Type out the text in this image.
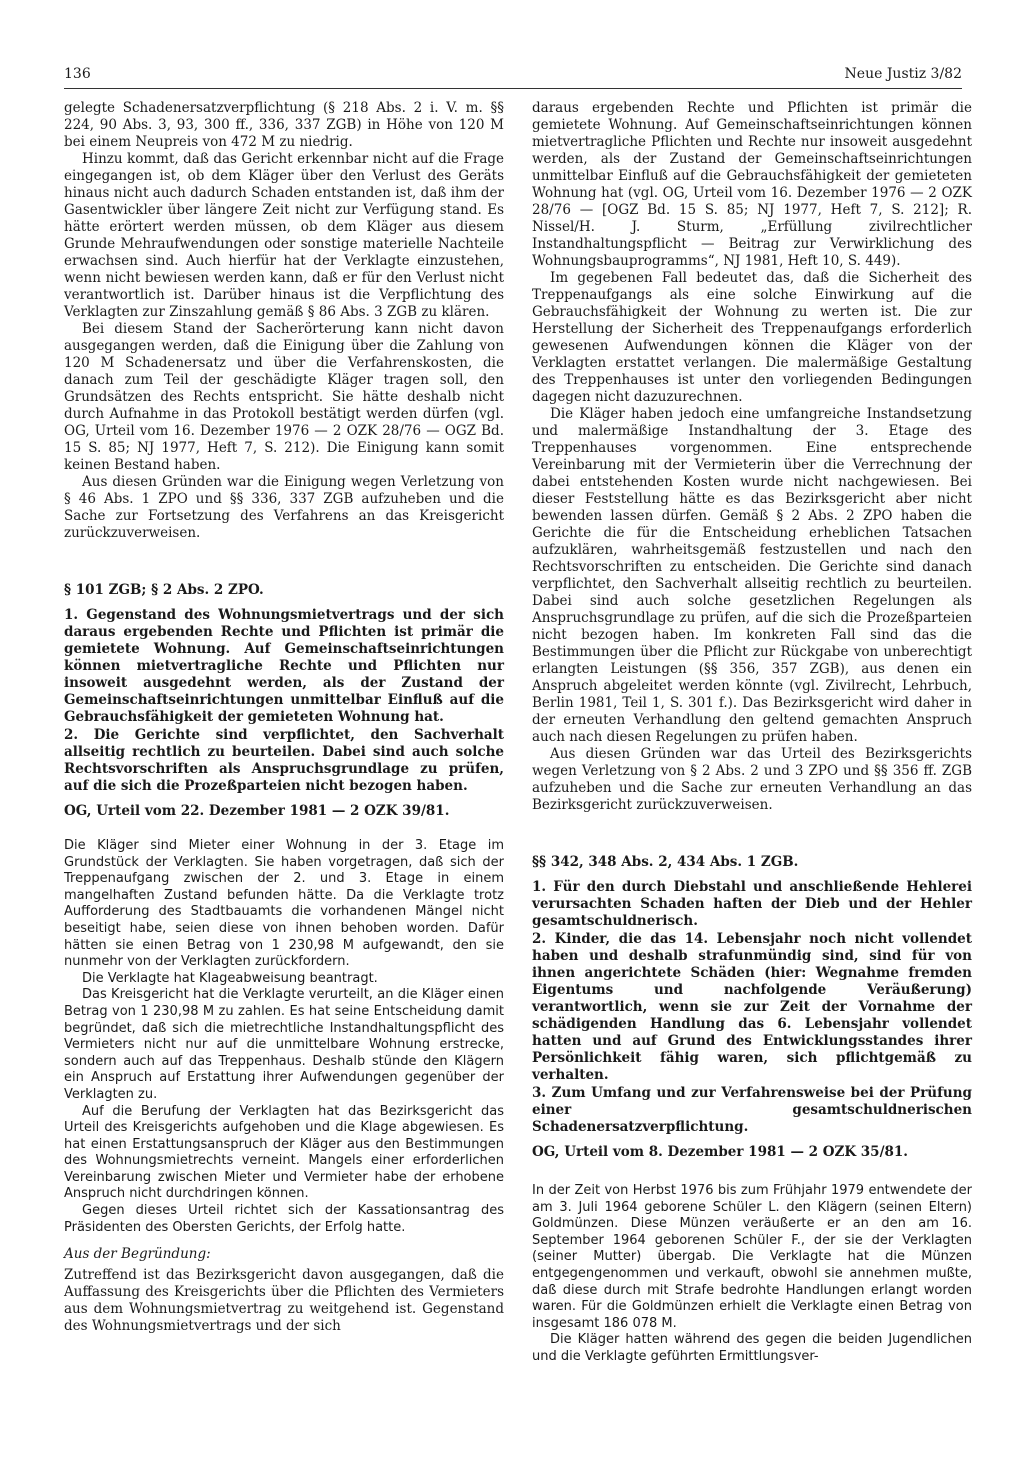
136	Neue Justiz 3/82

gelegte Schadenersatzverpflichtung (§ 218 Abs. 2 i. V. m. §§ 224, 90 Abs. 3, 93, 300 ff., 336, 337 ZGB) in Höhe von 120 M bei einem Neupreis von 472 M zu niedrig.

Hinzu kommt, daß das Gericht erkennbar nicht auf die Frage eingegangen ist, ob dem Kläger über den Verlust des Geräts hinaus nicht auch dadurch Schaden entstanden ist, daß ihm der Gasentwickler über längere Zeit nicht zur Verfügung stand. Es hätte erörtert werden müssen, ob dem Kläger aus diesem Grunde Mehraufwendungen oder sonstige materielle Nachteile erwachsen sind. Auch hierfür hat der Verklagte einzustehen, wenn nicht bewiesen werden kann, daß er für den Verlust nicht verantwortlich ist. Darüber hinaus ist die Verpflichtung des Verklagten zur Zinszahlung gemäß § 86 Abs. 3 ZGB zu klären.

Bei diesem Stand der Sacherörterung kann nicht davon ausgegangen werden, daß die Einigung über die Zahlung von 120 M Schadenersatz und über die Verfahrenskosten, die danach zum Teil der geschädigte Kläger tragen soll, den Grundsätzen des Rechts entspricht. Sie hätte deshalb nicht durch Aufnahme in das Protokoll bestätigt werden dürfen (vgl. OG, Urteil vom 16. Dezember 1976 — 2 OZK 28/76 — OGZ Bd. 15 S. 85; NJ 1977, Heft 7, S. 212). Die Einigung kann somit keinen Bestand haben.

Aus diesen Gründen war die Einigung wegen Verletzung von § 46 Abs. 1 ZPO und §§ 336, 337 ZGB aufzuheben und die Sache zur Fortsetzung des Verfahrens an das Kreisgericht zurückzuverweisen.

§ 101 ZGB; § 2 Abs. 2 ZPO.

1. Gegenstand des Wohnungsmietvertrags und der sich daraus ergebenden Rechte und Pflichten ist primär die gemietete Wohnung. Auf Gemeinschaftseinrichtungen können mietvertragliche Rechte und Pflichten nur insoweit ausgedehnt werden, als der Zustand der Gemeinschaftseinrichtungen unmittelbar Einfluß auf die Gebrauchsfähigkeit der gemieteten Wohnung hat.

2. Die Gerichte sind verpflichtet, den Sachverhalt allseitig rechtlich zu beurteilen. Dabei sind auch solche Rechtsvorschriften als Anspruchsgrundlage zu prüfen, auf die sich die Prozeßparteien nicht bezogen haben.

OG, Urteil vom 22. Dezember 1981 — 2 OZK 39/81.

Die Kläger sind Mieter einer Wohnung in der 3. Etage im Grundstück der Verklagten. Sie haben vorgetragen, daß sich der Treppenaufgang zwischen der 2. und 3. Etage in einem mangelhaften Zustand befunden hätte. Da die Verklagte trotz Aufforderung des Stadtbauamts die vorhandenen Mängel nicht beseitigt habe, seien diese von ihnen behoben worden. Dafür hätten sie einen Betrag von 1 230,98 M aufgewandt, den sie nunmehr von der Verklagten zurückfordern.

Die Verklagte hat Klageabweisung beantragt.

Das Kreisgericht hat die Verklagte verurteilt, an die Kläger einen Betrag von 1 230,98 M zu zahlen. Es hat seine Entscheidung damit begründet, daß sich die mietrechtliche Instandhaltungspflicht des Vermieters nicht nur auf die unmittelbare Wohnung erstrecke, sondern auch auf das Treppenhaus. Deshalb stünde den Klägern ein Anspruch auf Erstattung ihrer Aufwendungen gegenüber der Verklagten zu.

Auf die Berufung der Verklagten hat das Bezirksgericht das Urteil des Kreisgerichts aufgehoben und die Klage abgewiesen. Es hat einen Erstattungsanspruch der Kläger aus den Bestimmungen des Wohnungsmietrechts verneint. Mangels einer erforderlichen Vereinbarung zwischen Mieter und Vermieter habe der erhobene Anspruch nicht durchdringen können.

Gegen dieses Urteil richtet sich der Kassationsantrag des Präsidenten des Obersten Gerichts, der Erfolg hatte.

Aus der Begründung:

Zutreffend ist das Bezirksgericht davon ausgegangen, daß die Auffassung des Kreisgerichts über die Pflichten des Vermieters aus dem Wohnungsmietvertrag zu weitgehend ist. Gegenstand des Wohnungsmietvertrags und der sich

daraus ergebenden Rechte und Pflichten ist primär die gemietete Wohnung. Auf Gemeinschaftseinrichtungen können mietvertragliche Pflichten und Rechte nur insoweit ausgedehnt werden, als der Zustand der Gemeinschaftseinrichtungen unmittelbar Einfluß auf die Gebrauchsfähigkeit der gemieteten Wohnung hat (vgl. OG, Urteil vom 16. Dezember 1976 — 2 OZK 28/76 — [OGZ Bd. 15 S. 85; NJ 1977, Heft 7, S. 212]; R. Nissel/H. J. Sturm, „Erfüllung zivilrechtlicher Instandhaltungspflicht — Beitrag zur Verwirklichung des Wohnungsbauprogramms“, NJ 1981, Heft 10, S. 449).

Im gegebenen Fall bedeutet das, daß die Sicherheit des Treppenaufgangs als eine solche Einwirkung auf die Gebrauchsfähigkeit der Wohnung zu werten ist. Die zur Herstellung der Sicherheit des Treppenaufgangs erforderlich gewesenen Aufwendungen können die Kläger von der Verklagten erstattet verlangen. Die malermäßige Gestaltung des Treppenhauses ist unter den vorliegenden Bedingungen dagegen nicht dazuzurechnen.

Die Kläger haben jedoch eine umfangreiche Instandsetzung und malermäßige Instandhaltung der 3. Etage des Treppenhauses vorgenommen. Eine entsprechende Vereinbarung mit der Vermieterin über die Verrechnung der dabei entstehenden Kosten wurde nicht nachgewiesen. Bei dieser Feststellung hätte es das Bezirksgericht aber nicht bewenden lassen dürfen. Gemäß § 2 Abs. 2 ZPO haben die Gerichte die für die Entscheidung erheblichen Tatsachen aufzuklären, wahrheitsgemäß festzustellen und nach den Rechtsvorschriften zu entscheiden. Die Gerichte sind danach verpflichtet, den Sachverhalt allseitig rechtlich zu beurteilen. Dabei sind auch solche gesetzlichen Regelungen als Anspruchsgrundlage zu prüfen, auf die sich die Prozeßparteien nicht bezogen haben. Im konkreten Fall sind das die Bestimmungen über die Pflicht zur Rückgabe von unberechtigt erlangten Leistungen (§§ 356, 357 ZGB), aus denen ein Anspruch abgeleitet werden könnte (vgl. Zivilrecht, Lehrbuch, Berlin 1981, Teil 1, S. 301 f.). Das Bezirksgericht wird daher in der erneuten Verhandlung den geltend gemachten Anspruch auch nach diesen Regelungen zu prüfen haben.

Aus diesen Gründen war das Urteil des Bezirksgerichts wegen Verletzung von § 2 Abs. 2 und 3 ZPO und §§ 356 ff. ZGB aufzuheben und die Sache zur erneuten Verhandlung an das Bezirksgericht zurückzuverweisen.

§§ 342, 348 Abs. 2, 434 Abs. 1 ZGB.

1. Für den durch Diebstahl und anschließende Hehlerei verursachten Schaden haften der Dieb und der Hehler gesamtschuldnerisch.

2. Kinder, die das 14. Lebensjahr noch nicht vollendet haben und deshalb strafunmündig sind, sind für von ihnen angerichtete Schäden (hier: Wegnahme fremden Eigentums und nachfolgende Veräußerung) verantwortlich, wenn sie zur Zeit der Vornahme der schädigenden Handlung das 6. Lebensjahr vollendet hatten und auf Grund des Entwicklungsstandes ihrer Persönlichkeit fähig waren, sich pflichtgemäß zu verhalten.

3. Zum Umfang und zur Verfahrensweise bei der Prüfung einer gesamtschuldnerischen Schadenersatzverpflichtung.

OG, Urteil vom 8. Dezember 1981 — 2 OZK 35/81.

In der Zeit von Herbst 1976 bis zum Frühjahr 1979 entwendete der am 3. Juli 1964 geborene Schüler L. den Klägern (seinen Eltern) Goldmünzen. Diese Münzen veräußerte er an den am 16. September 1964 geborenen Schüler F., der sie der Verklagten (seiner Mutter) übergab. Die Verklagte hat die Münzen entgegengenommen und verkauft, obwohl sie annehmen mußte, daß diese durch mit Strafe bedrohte Handlungen erlangt worden waren. Für die Goldmünzen erhielt die Verklagte einen Betrag von insgesamt 186 078 M.

Die Kläger hatten während des gegen die beiden Jugendlichen und die Verklagte geführten Ermittlungsver-
